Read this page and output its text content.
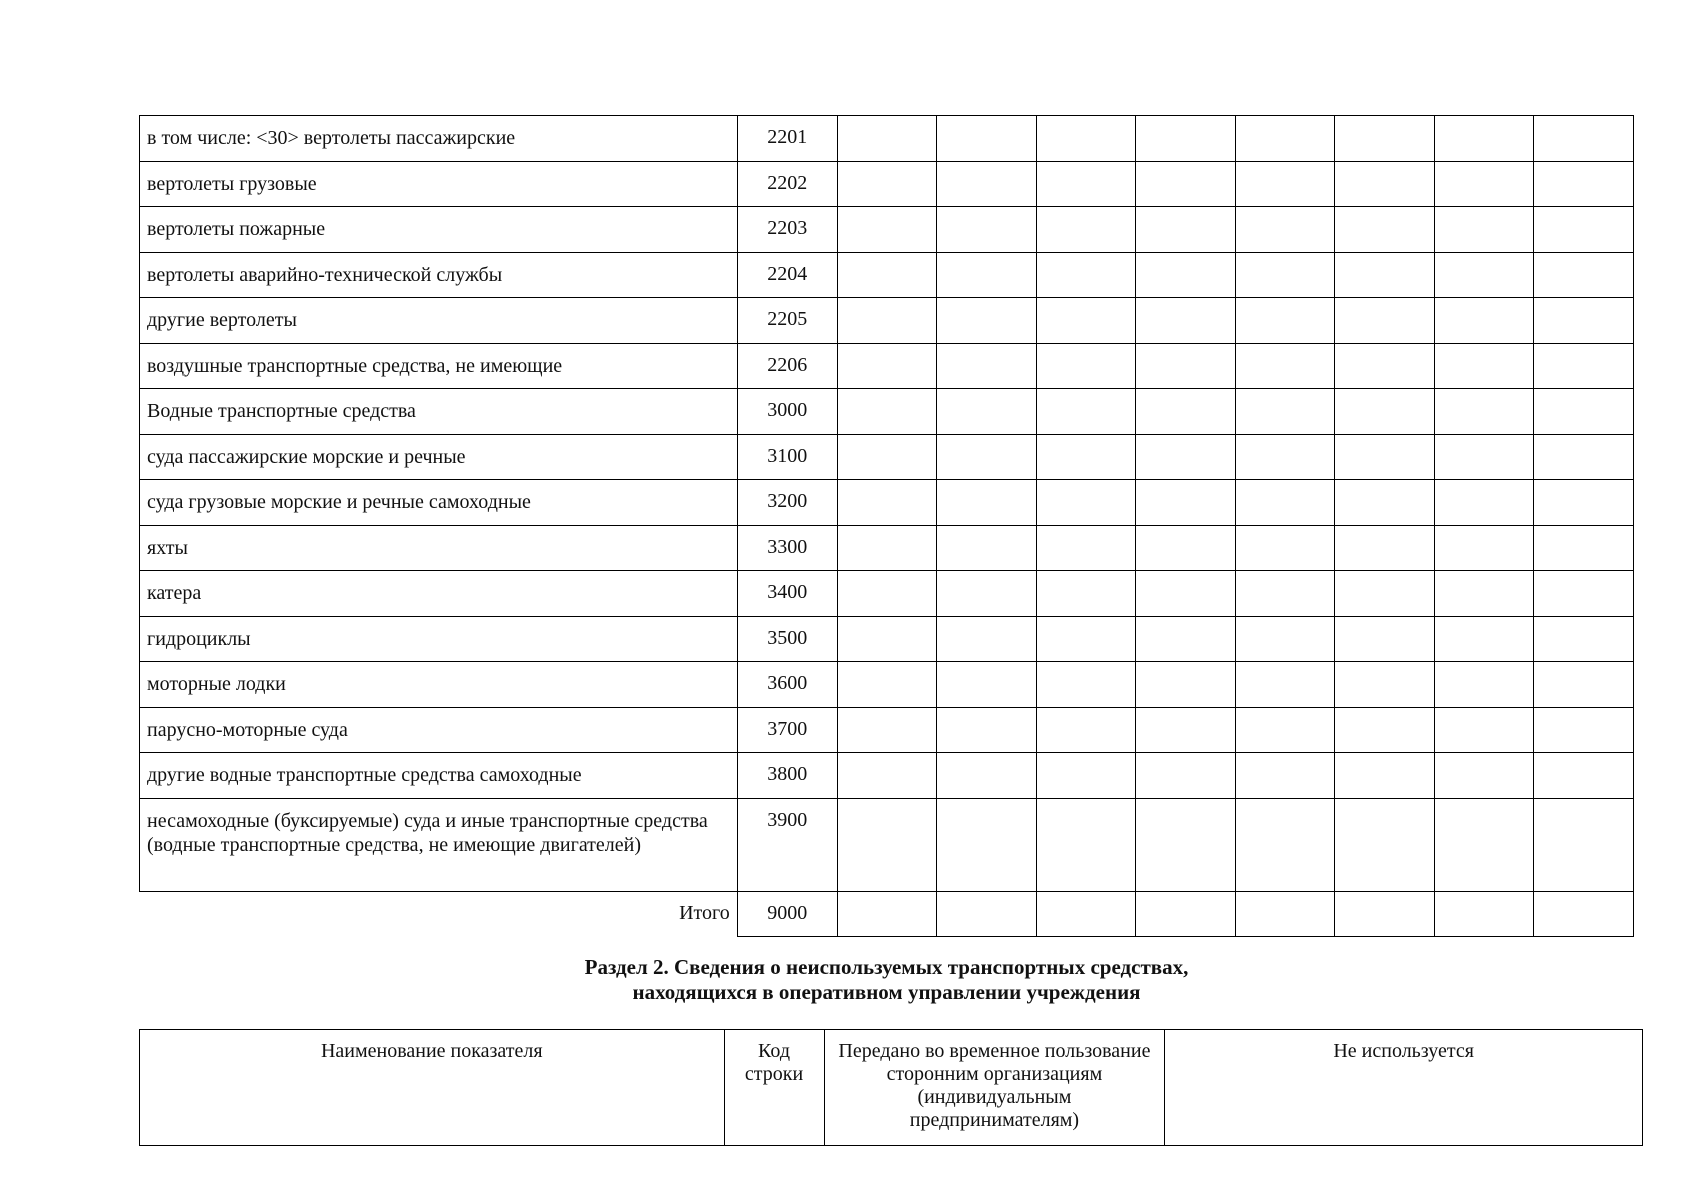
в том числе: <30> вертолеты пассажирские	2201								
вертолеты грузовые	2202								
вертолеты пожарные	2203								
вертолеты аварийно-технической службы	2204								
другие вертолеты	2205								
воздушные транспортные средства, не имеющие	2206								
Водные транспортные средства	3000								
суда пассажирские морские и речные	3100								
суда грузовые морские и речные самоходные	3200								
яхты	3300								
катера	3400								
гидроциклы	3500								
моторные лодки	3600								
парусно-моторные суда	3700								
другие водные транспортные средства самоходные	3800								
несамоходные (буксируемые) суда и иные транспортные средства (водные транспортные средства, не имеющие двигателей)	3900								
Итого	9000								
Раздел 2. Сведения о неиспользуемых транспортных средствах,
находящихся в оперативном управлении учреждения
Наименование показателя	Код строки	Передано во временное пользование сторонним организациям (индивидуальным предпринимателям)	Не используется
